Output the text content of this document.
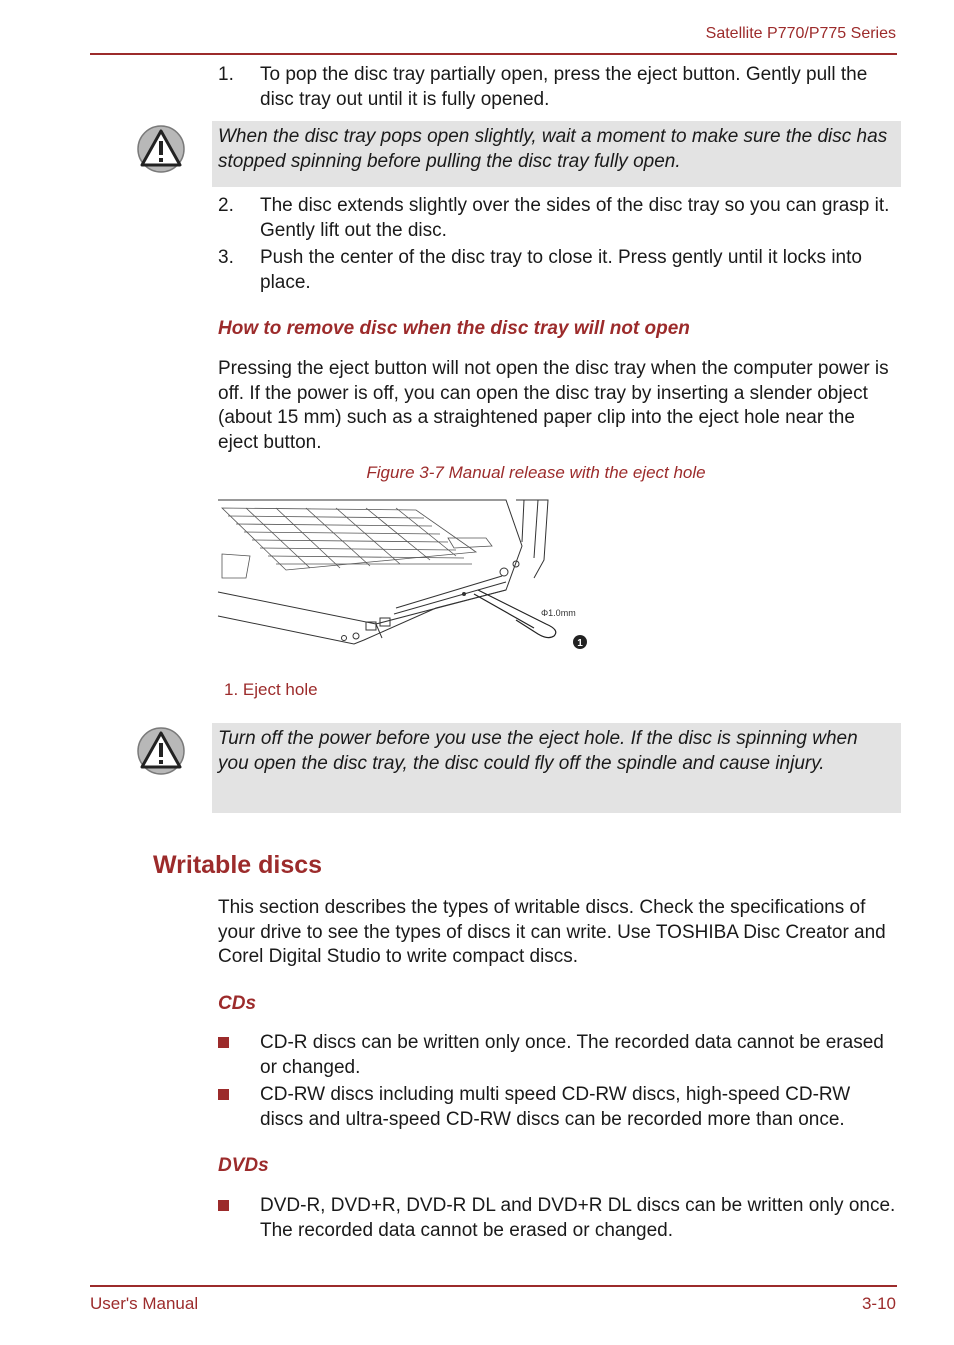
Satellite P770/P775 Series
1. To pop the disc tray partially open, press the eject button. Gently pull the disc tray out until it is fully opened.
When the disc tray pops open slightly, wait a moment to make sure the disc has stopped spinning before pulling the disc tray fully open.
2. The disc extends slightly over the sides of the disc tray so you can grasp it. Gently lift out the disc.
3. Push the center of the disc tray to close it. Press gently until it locks into place.
How to remove disc when the disc tray will not open
Pressing the eject button will not open the disc tray when the computer power is off. If the power is off, you can open the disc tray by inserting a slender object (about 15 mm) such as a straightened paper clip into the eject hole near the eject button.
Figure 3-7 Manual release with the eject hole
Φ1.0mm
1
1. Eject hole
Turn off the power before you use the eject hole. If the disc is spinning when you open the disc tray, the disc could fly off the spindle and cause injury.
Writable discs
This section describes the types of writable discs. Check the specifications of your drive to see the types of discs it can write. Use TOSHIBA Disc Creator and Corel Digital Studio to write compact discs.
CDs
CD-R discs can be written only once. The recorded data cannot be erased or changed.
CD-RW discs including multi speed CD-RW discs, high-speed CD-RW discs and ultra-speed CD-RW discs can be recorded more than once.
DVDs
DVD-R, DVD+R, DVD-R DL and DVD+R DL discs can be written only once. The recorded data cannot be erased or changed.
User's Manual	3-10
